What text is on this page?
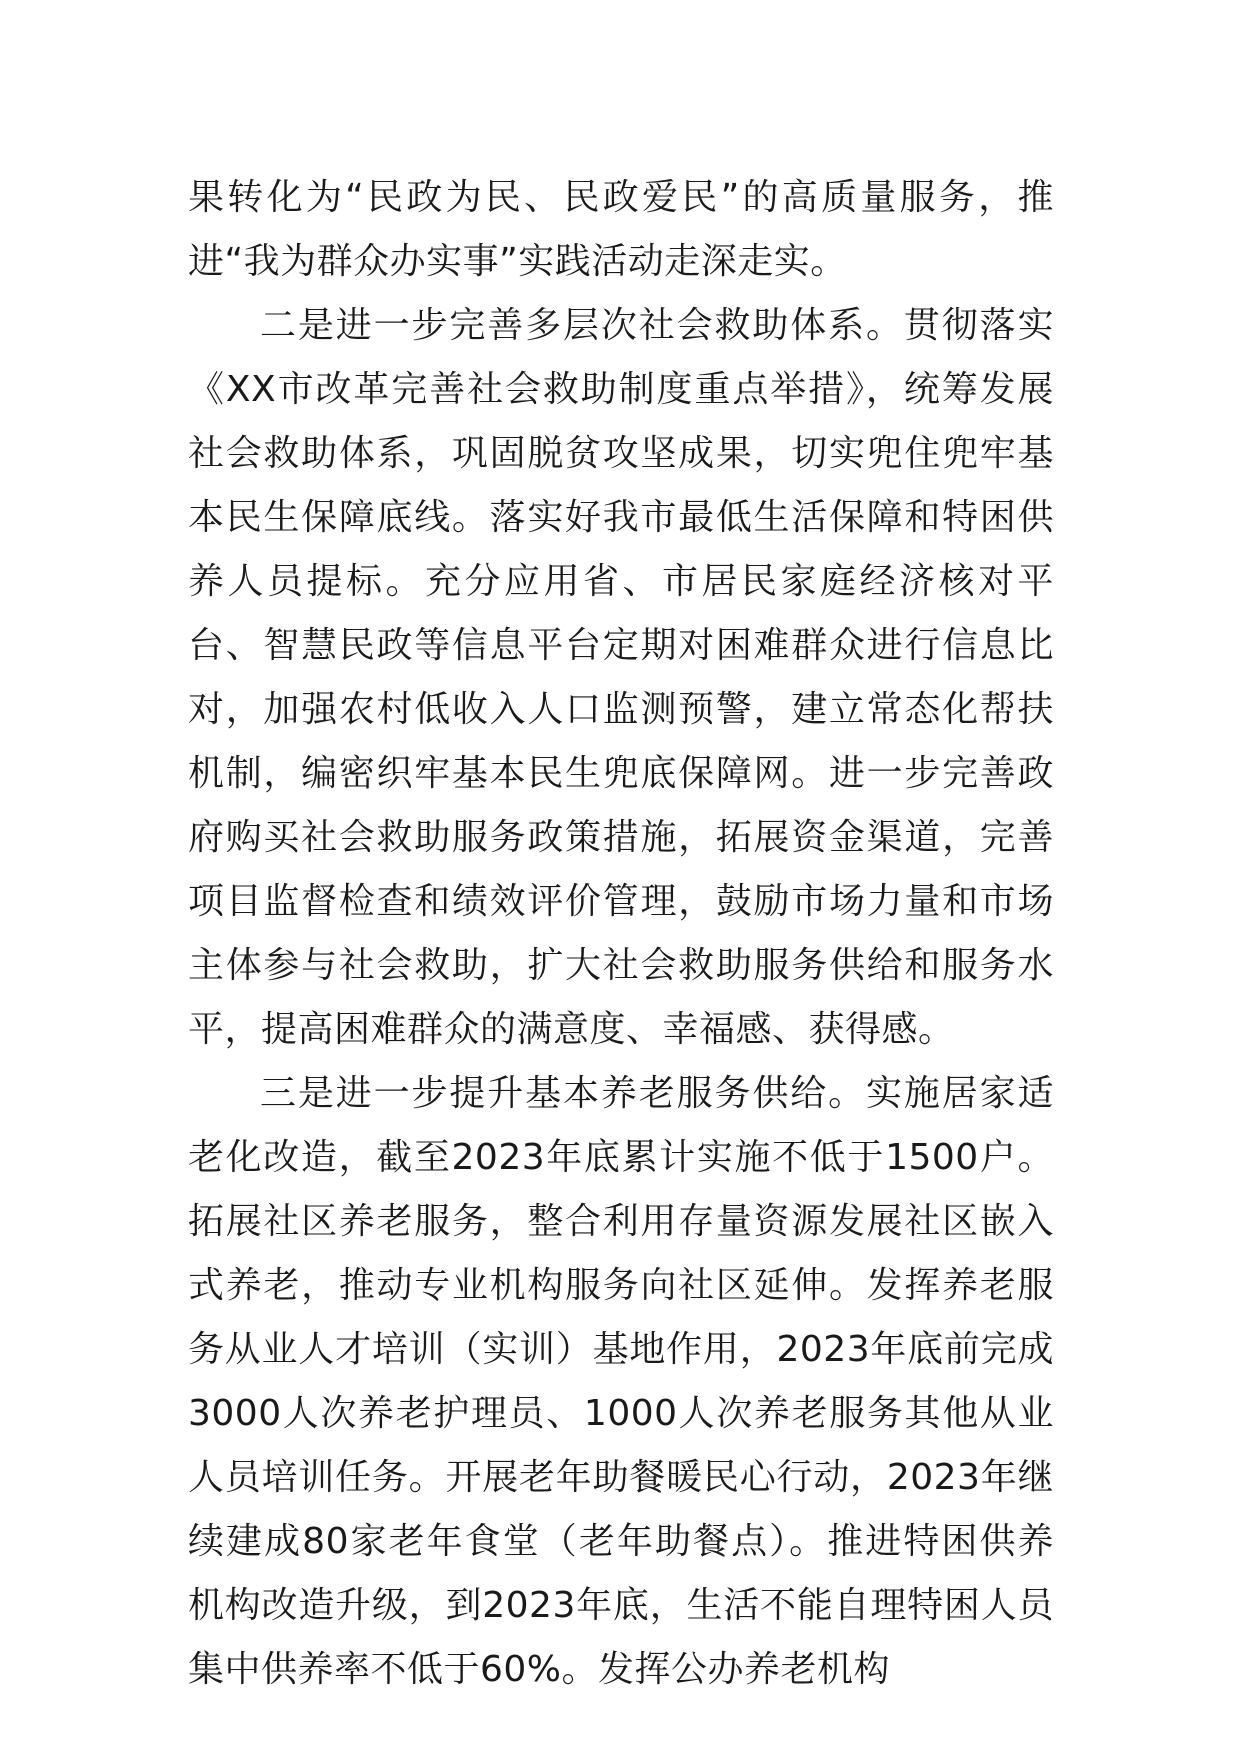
果转化为“民政为民、民政爱民”的高质量服务，推进“我为群众办实事”实践活动走深走实。

二是进一步完善多层次社会救助体系。贯彻落实《XX市改革完善社会救助制度重点举措》，统筹发展社会救助体系，巩固脱贫攻坚成果，切实兜住兜牢基本民生保障底线。落实好我市最低生活保障和特困供养人员提标。充分应用省、市居民家庭经济核对平台、智慧民政等信息平台定期对困难群众进行信息比对，加强农村低收入人口监测预警，建立常态化帮扶机制，编密织牢基本民生兜底保障网。进一步完善政府购买社会救助服务政策措施，拓展资金渠道，完善项目监督检查和绩效评价管理，鼓励市场力量和市场主体参与社会救助，扩大社会救助服务供给和服务水平，提高困难群众的满意度、幸福感、获得感。

三是进一步提升基本养老服务供给。实施居家适老化改造，截至2023年底累计实施不低于1500户。拓展社区养老服务，整合利用存量资源发展社区嵌入式养老，推动专业机构服务向社区延伸。发挥养老服务从业人才培训（实训）基地作用，2023年底前完成3000人次养老护理员、1000人次养老服务其他从业人员培训任务。开展老年助餐暖民心行动，2023年继续建成80家老年食堂（老年助餐点）。推进特困供养机构改造升级，到2023年底，生活不能自理特困人员集中供养率不低于60%。发挥公办养老机构
